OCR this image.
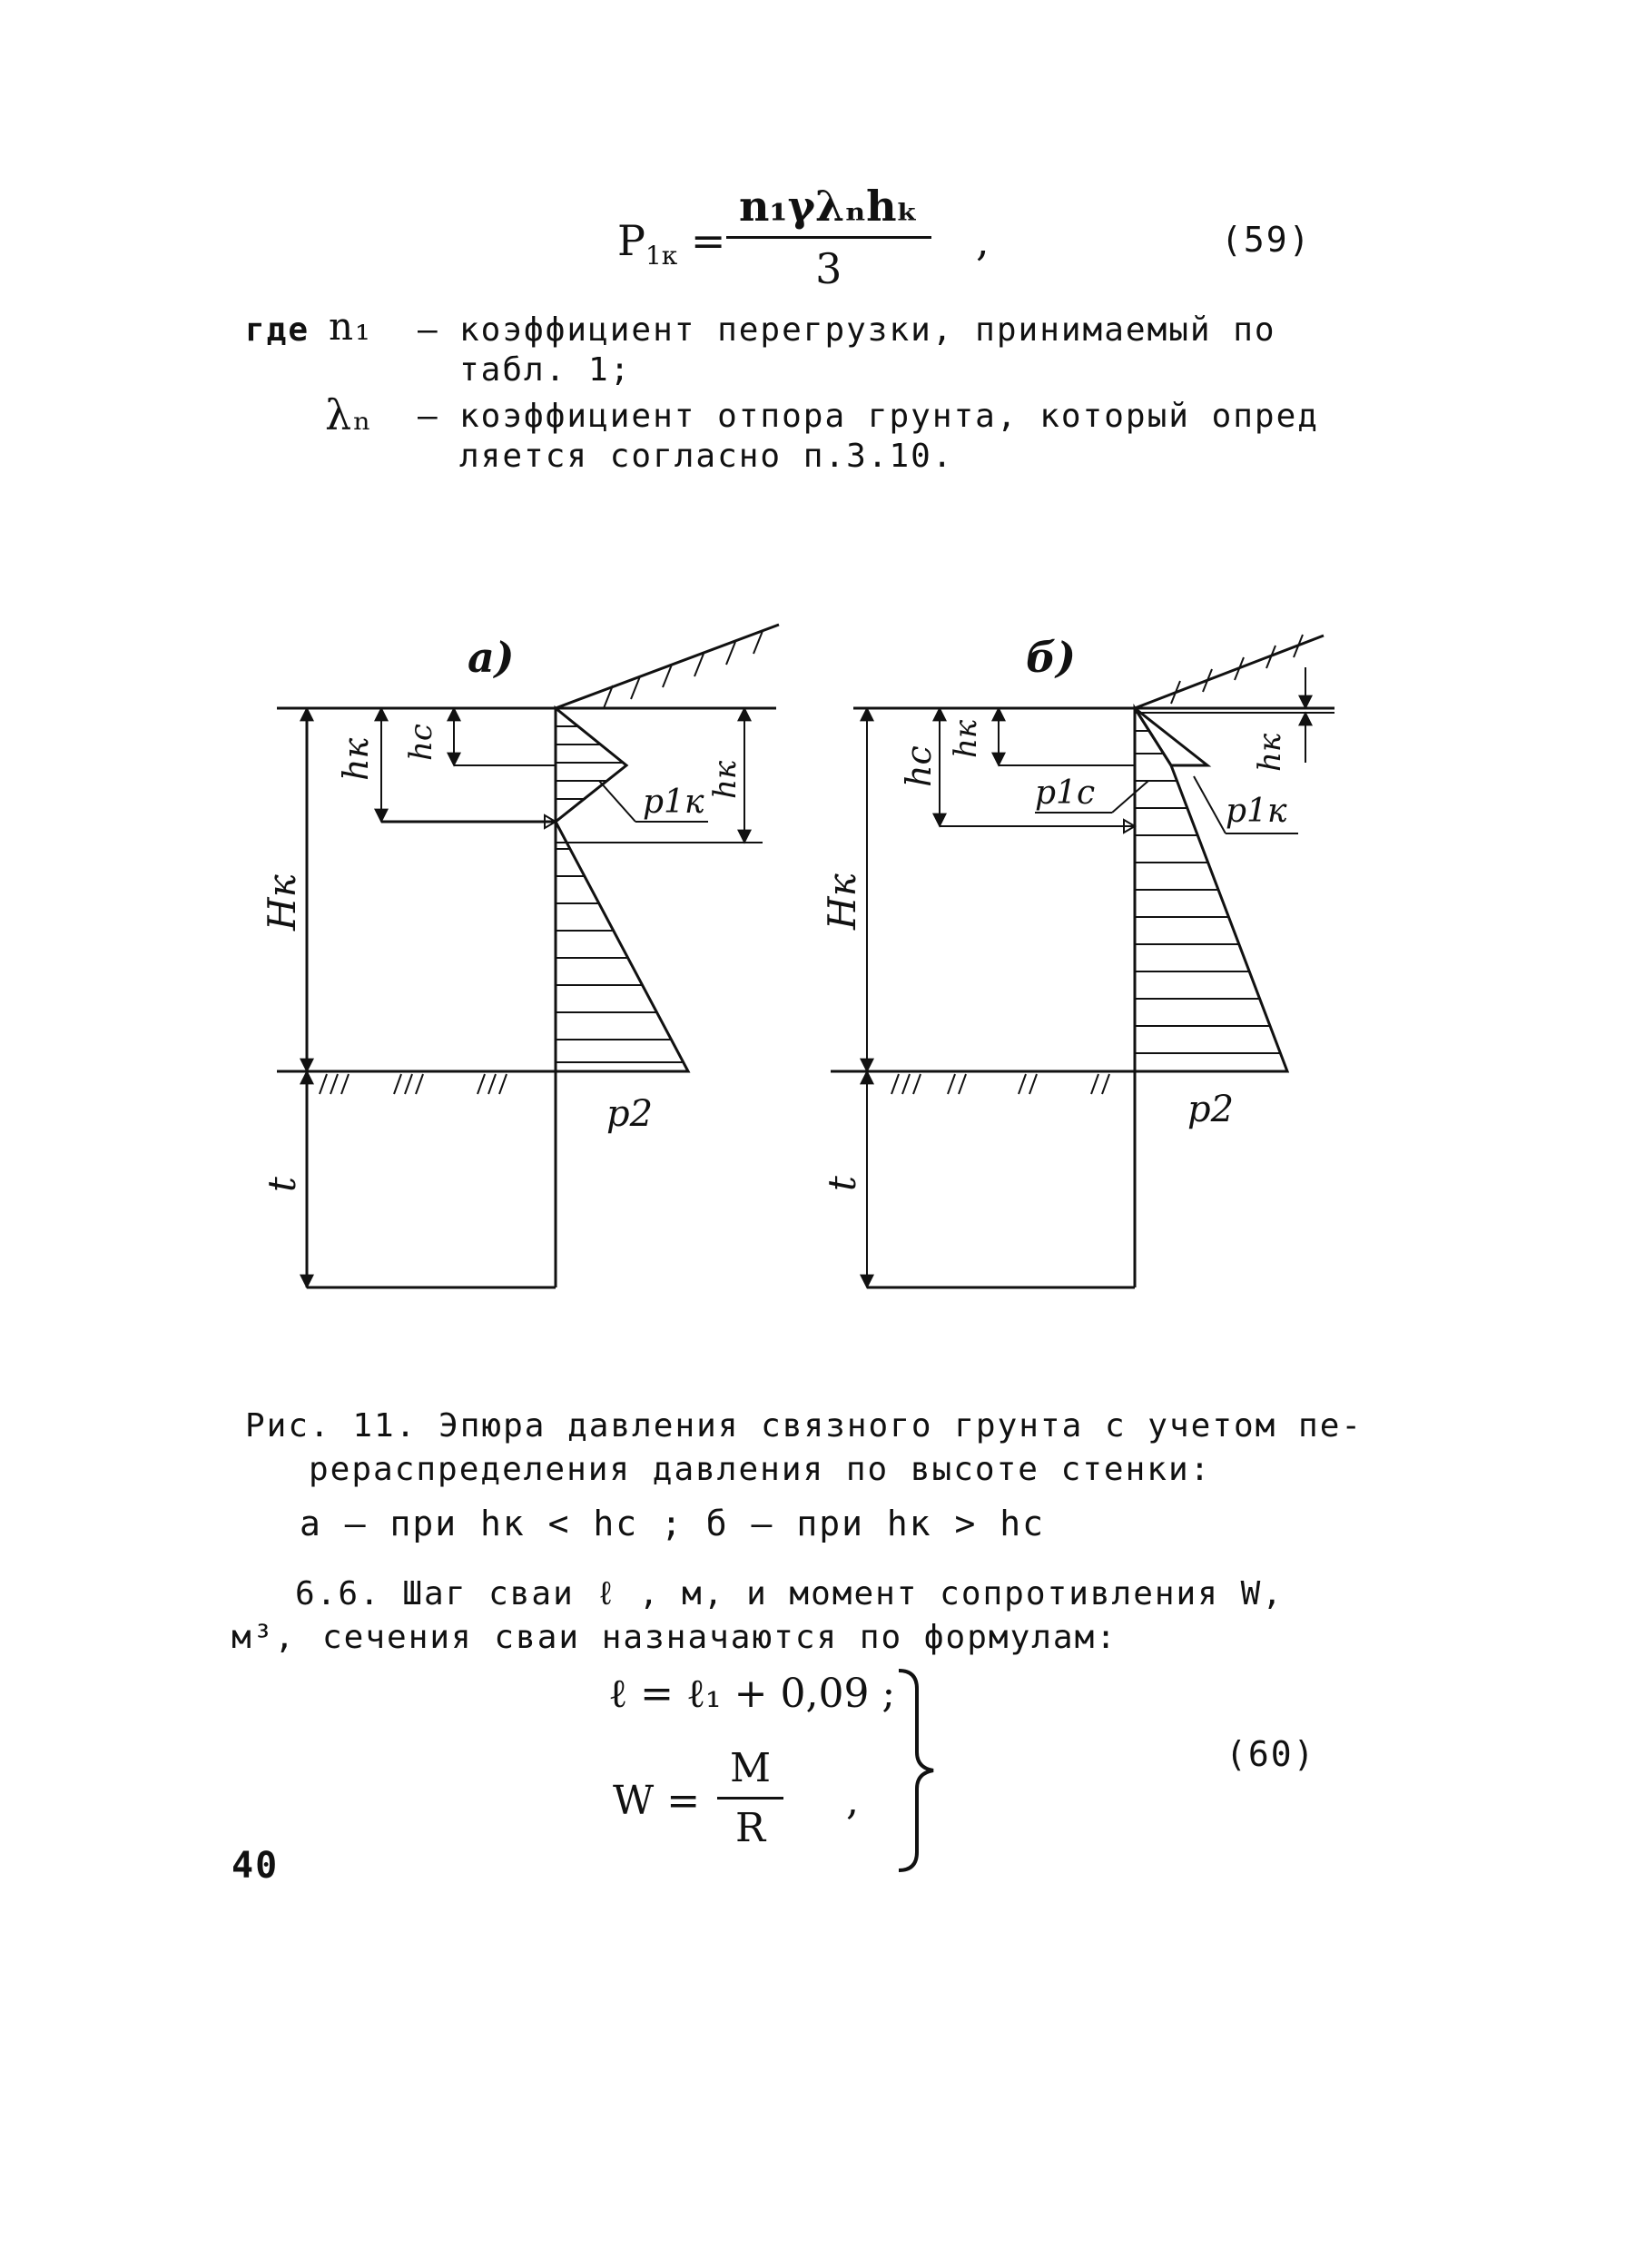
$P_{1к}$ =
n₁γλₙhₖ
3
,	(59)
где n₁ – коэффициент перегрузки, принимаемый по
табл. 1;
λₙ – коэффициент отпора грунта, который опред
ляется согласно п.3.10.
а)
hк hc
Hк
t
p1к
p2
hк
б)
hc
hк
Hк
t
p1c	p1к
p2
hк
Рис. 11. Эпюра давления связного грунта с учетом пе-
рераспределения давления по высоте стенки:
а – при hк < hс ; б – при hк > hс
6.6. Шаг сваи ℓ , м, и момент сопротивления W,
м³, сечения сваи назначаются по формулам:
ℓ = ℓ₁ + 0,09 ;
$W = \frac{M}{R}$ ,
(60)
40
